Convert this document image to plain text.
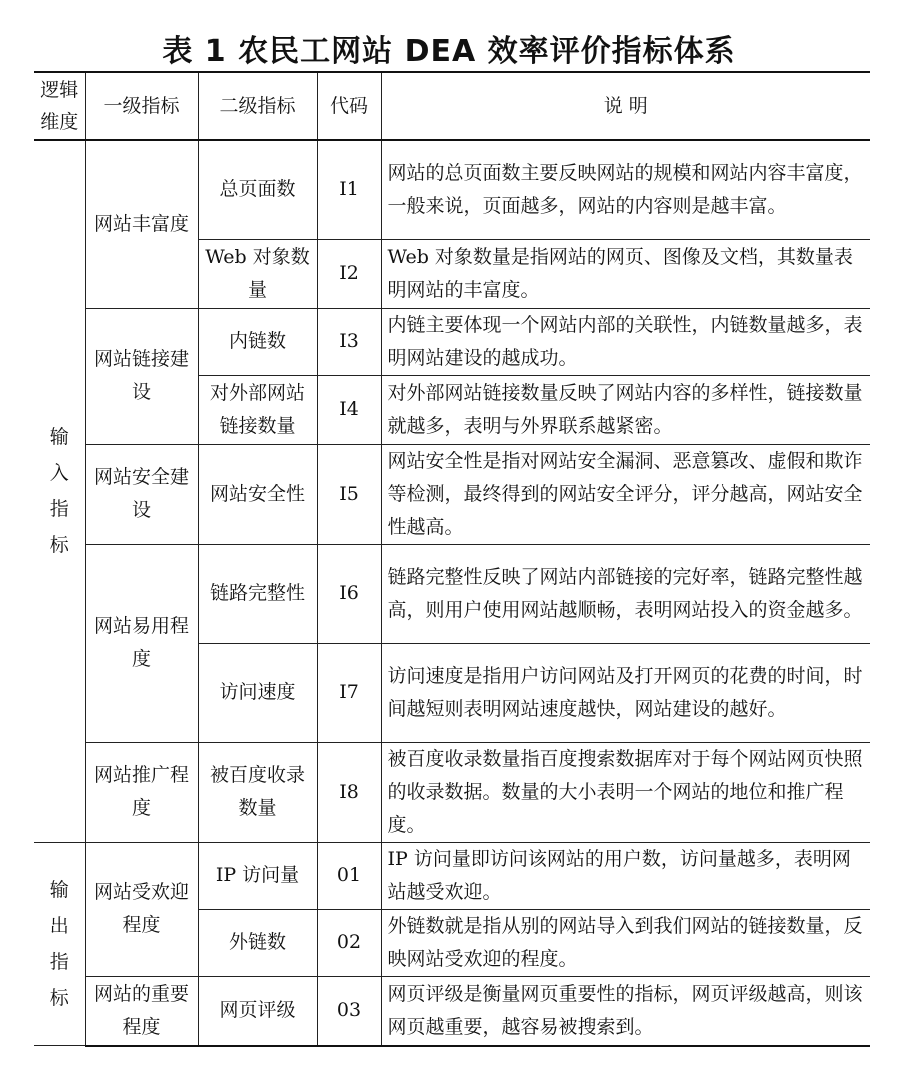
表 1 农民工网站 DEA 效率评价指标体系
逻辑维度	一级指标	二级指标	代码	说 明

输
入
指
标	网站丰富度	总页面数	I1	网站的总页面数主要反映网站的规模和网站内容丰富度，一般来说，页面越多，网站的内容则是越丰富。
		Web 对象数量	I2	Web 对象数量是指网站的网页、图像及文档，其数量表明网站的丰富度。
	网站链接建设	内链数	I3	内链主要体现一个网站内部的关联性，内链数量越多，表明网站建设的越成功。
		对外部网站链接数量	I4	对外部网站链接数量反映了网站内容的多样性，链接数量就越多，表明与外界联系越紧密。
	网站安全建设	网站安全性	I5	网站安全性是指对网站安全漏洞、恶意篡改、虚假和欺诈等检测，最终得到的网站安全评分，评分越高，网站安全性越高。
	网站易用程度	链路完整性	I6	链路完整性反映了网站内部链接的完好率，链路完整性越高，则用户使用网站越顺畅，表明网站投入的资金越多。
		访问速度	I7	访问速度是指用户访问网站及打开网页的花费的时间，时间越短则表明网站速度越快，网站建设的越好。
	网站推广程度	被百度收录数量	I8	被百度收录数量指百度搜索数据库对于每个网站网页快照的收录数据。数量的大小表明一个网站的地位和推广程度。

输
出
指
标	网站受欢迎程度	IP 访问量	01	IP 访问量即访问该网站的用户数，访问量越多，表明网站越受欢迎。
		外链数	02	外链数就是指从别的网站导入到我们网站的链接数量，反映网站受欢迎的程度。
	网站的重要程度	网页评级	03	网页评级是衡量网页重要性的指标，网页评级越高，则该网页越重要，越容易被搜索到。
